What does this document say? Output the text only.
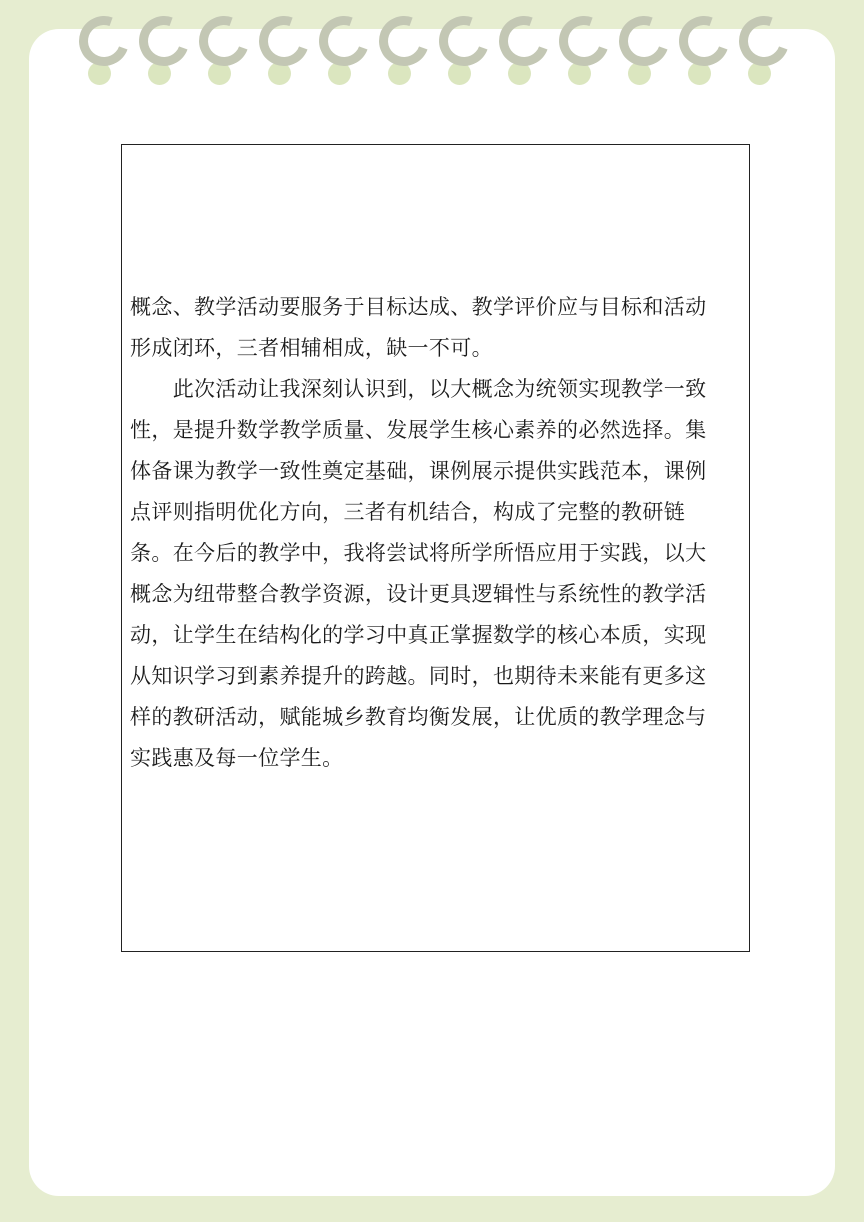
概念、教学活动要服务于目标达成、教学评价应与目标和活动
形成闭环，三者相辅相成，缺一不可。
　　此次活动让我深刻认识到，以大概念为统领实现教学一致
性，是提升数学教学质量、发展学生核心素养的必然选择。集
体备课为教学一致性奠定基础，课例展示提供实践范本，课例
点评则指明优化方向，三者有机结合，构成了完整的教研链
条。在今后的教学中，我将尝试将所学所悟应用于实践，以大
概念为纽带整合教学资源，设计更具逻辑性与系统性的教学活
动，让学生在结构化的学习中真正掌握数学的核心本质，实现
从知识学习到素养提升的跨越。同时，也期待未来能有更多这
样的教研活动，赋能城乡教育均衡发展，让优质的教学理念与
实践惠及每一位学生。
